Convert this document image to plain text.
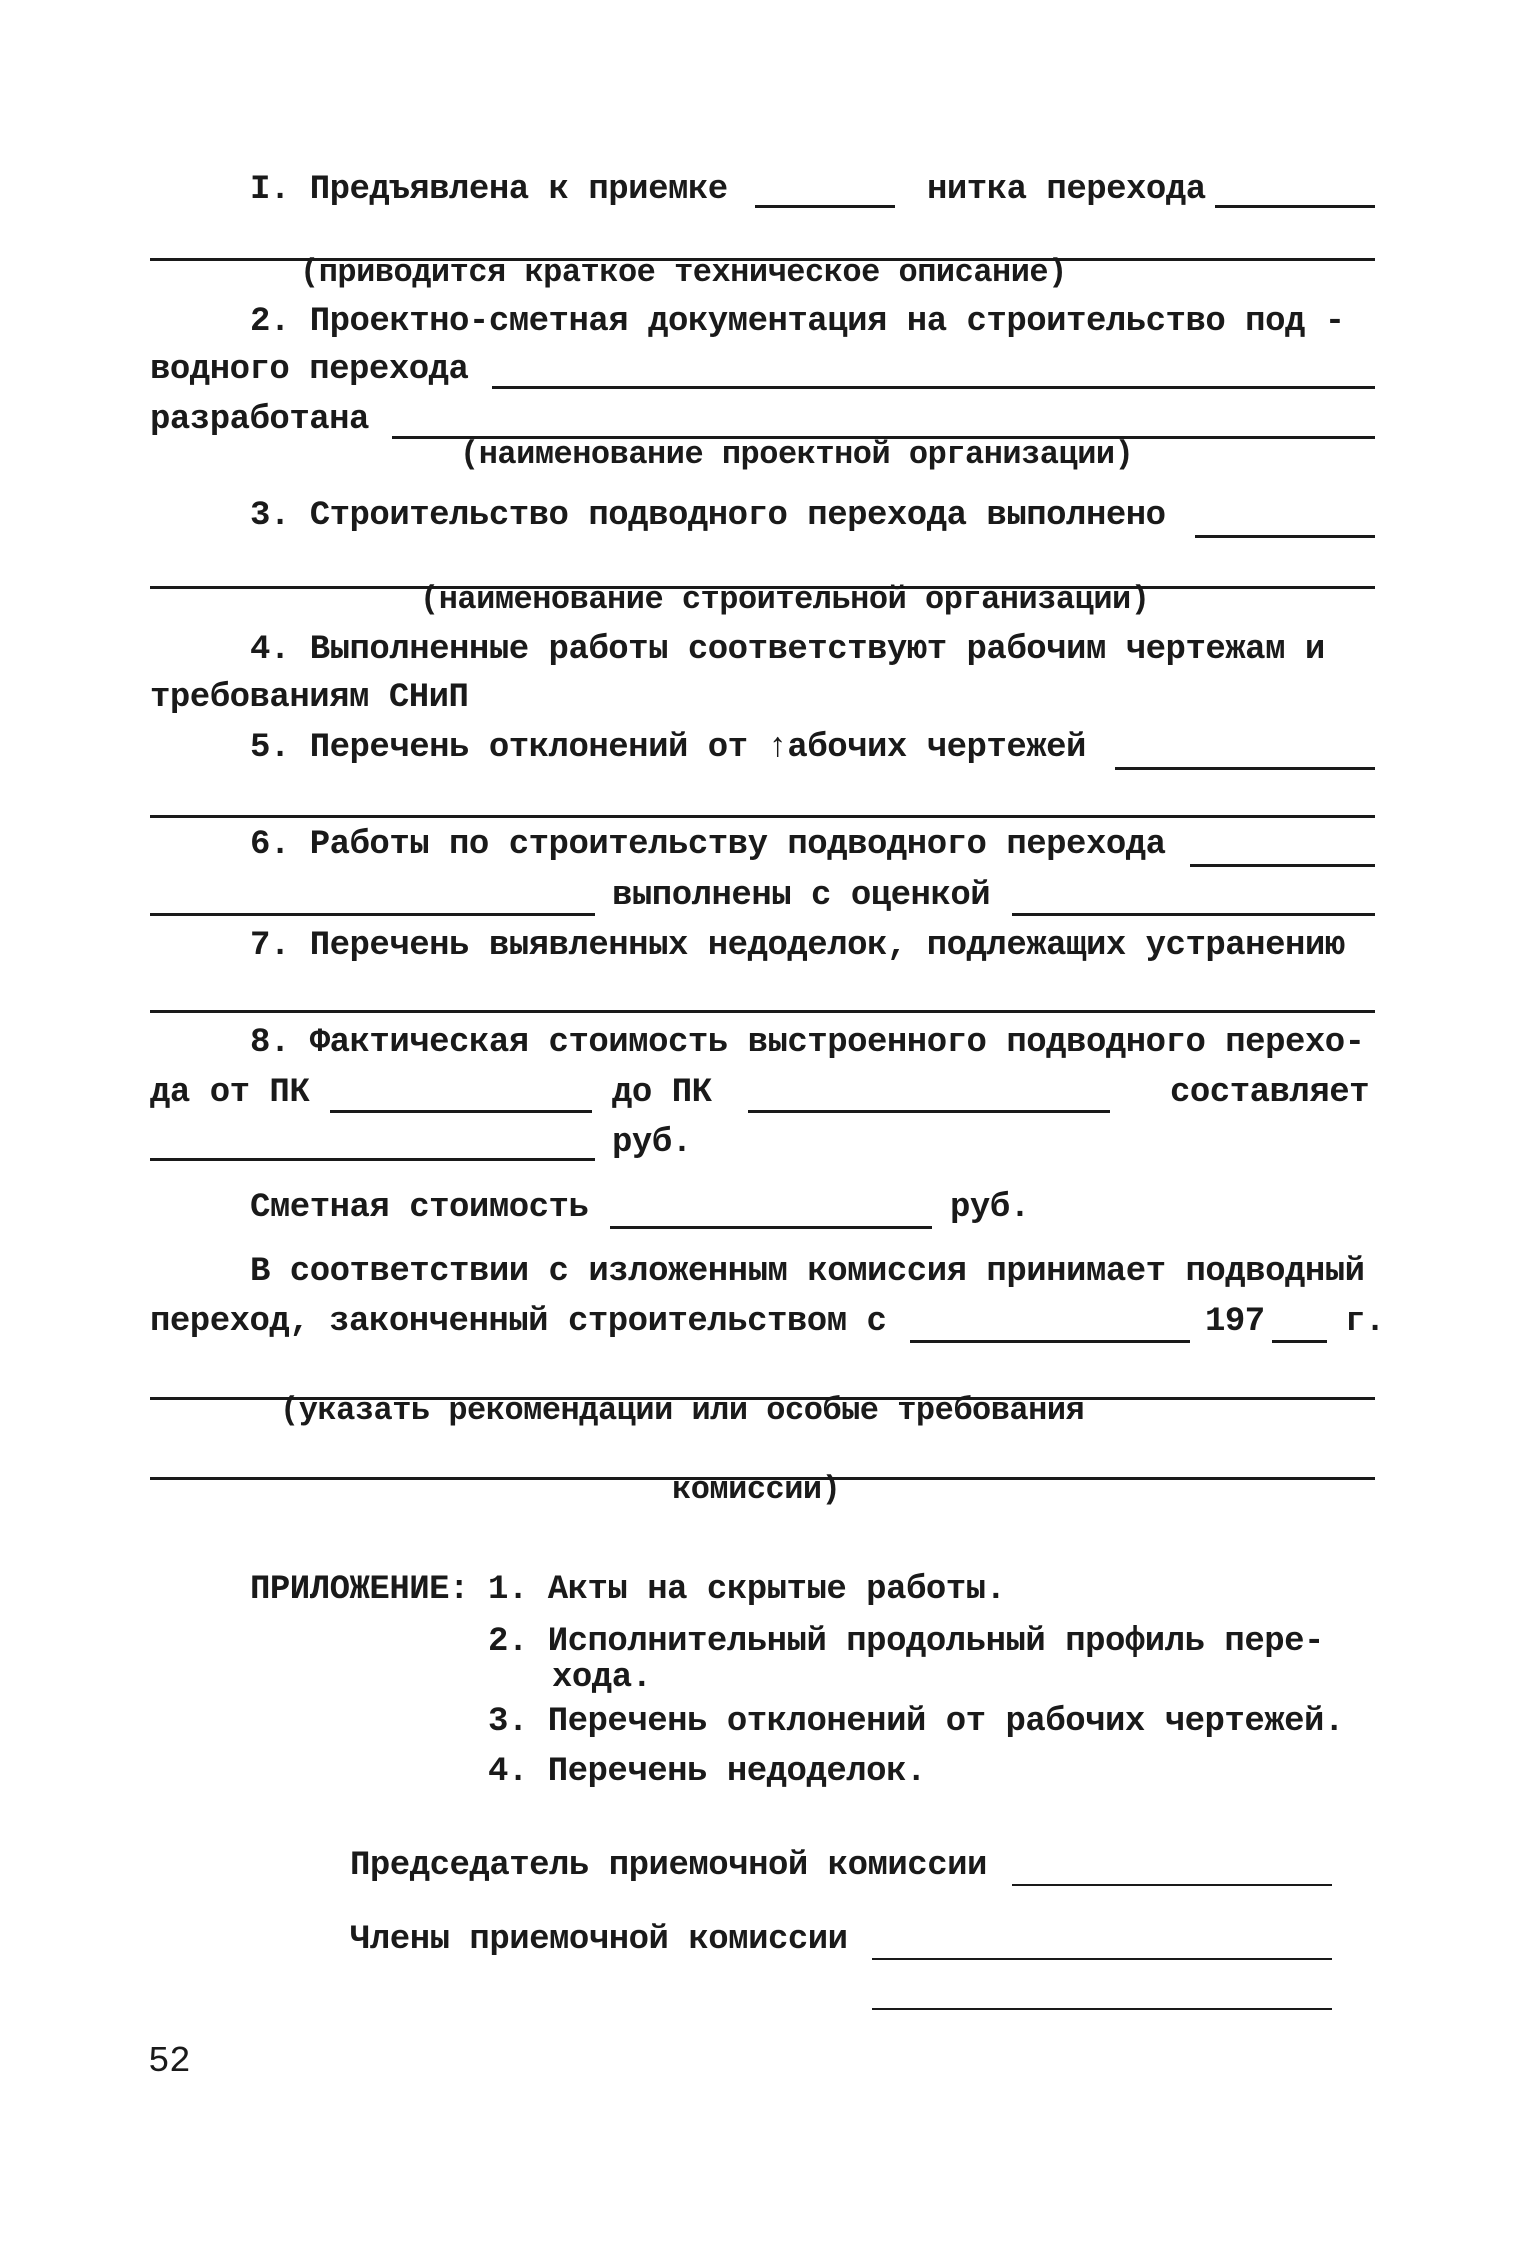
I. Предъявлена к приемке	нитка перехода
(приводится краткое техническое описание)
2. Проектно-сметная документация на строительство под -
водного перехода
разработана
(наименование проектной организации)
3. Строительство подводного перехода выполнено
(наименование строительной организации)
4. Выполненные работы соответствуют рабочим чертежам и
требованиям СНиП
5. Перечень отклонений от ↑абочих чертежей
6. Работы по строительству подводного перехода
выполнены с оценкой
7. Перечень выявленных недоделок, подлежащих устранению
8. Фактическая стоимость выстроенного подводного перехо-
да от ПК	до ПК	составляет
руб.
Сметная стоимость	руб.
В соответствии с изложенным комиссия принимает подводный
переход, законченный строительством с	197 г.
(указать рекомендации или особые требования
комиссии)
ПРИЛОЖЕНИЕ: 1. Акты на скрытые работы.
2. Исполнительный продольный профиль пере-
хода.
3. Перечень отклонений от рабочих чертежей.
4. Перечень недоделок.
Председатель приемочной комиссии
Члены приемочной комиссии
52
